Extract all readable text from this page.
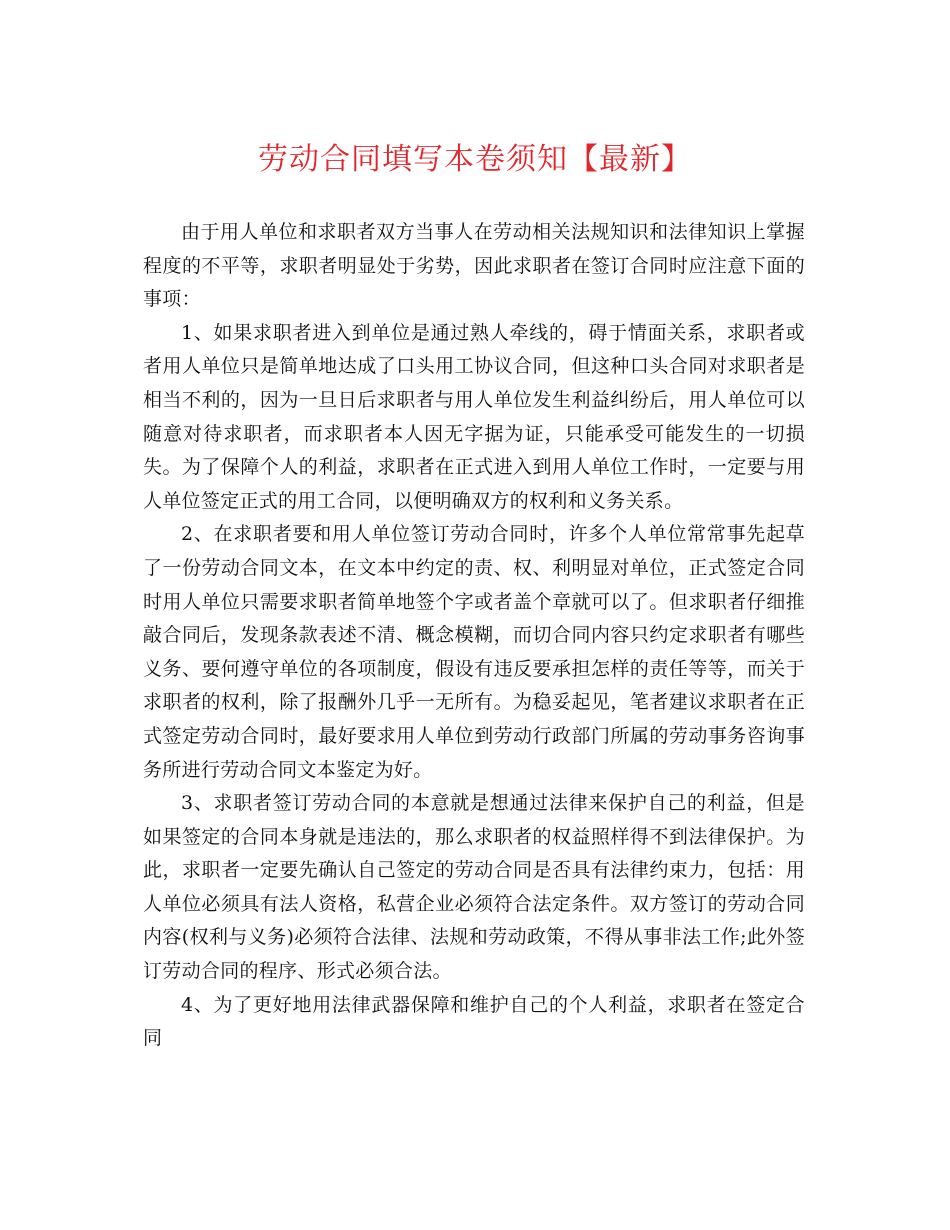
劳动合同填写本卷须知【最新】

由于用人单位和求职者双方当事人在劳动相关法规知识和法律知识上掌握程度的不平等，求职者明显处于劣势，因此求职者在签订合同时应注意下面的事项：

1、如果求职者进入到单位是通过熟人牵线的，碍于情面关系，求职者或者用人单位只是简单地达成了口头用工协议合同，但这种口头合同对求职者是相当不利的，因为一旦日后求职者与用人单位发生利益纠纷后，用人单位可以随意对待求职者，而求职者本人因无字据为证，只能承受可能发生的一切损失。为了保障个人的利益，求职者在正式进入到用人单位工作时，一定要与用人单位签定正式的用工合同，以便明确双方的权利和义务关系。

2、在求职者要和用人单位签订劳动合同时，许多个人单位常常事先起草了一份劳动合同文本，在文本中约定的责、权、利明显对单位，正式签定合同时用人单位只需要求职者简单地签个字或者盖个章就可以了。但求职者仔细推敲合同后，发现条款表述不清、概念模糊，而切合同内容只约定求职者有哪些义务、要何遵守单位的各项制度，假设有违反要承担怎样的责任等等，而关于求职者的权利，除了报酬外几乎一无所有。为稳妥起见，笔者建议求职者在正式签定劳动合同时，最好要求用人单位到劳动行政部门所属的劳动事务咨询事务所进行劳动合同文本鉴定为好。

3、求职者签订劳动合同的本意就是想通过法律来保护自己的利益，但是如果签定的合同本身就是违法的，那么求职者的权益照样得不到法律保护。为此，求职者一定要先确认自己签定的劳动合同是否具有法律约束力，包括：用人单位必须具有法人资格，私营企业必须符合法定条件。双方签订的劳动合同内容(权利与义务)必须符合法律、法规和劳动政策，不得从事非法工作;此外签订劳动合同的程序、形式必须合法。

4、为了更好地用法律武器保障和维护自己的个人利益，求职者在签定合同
